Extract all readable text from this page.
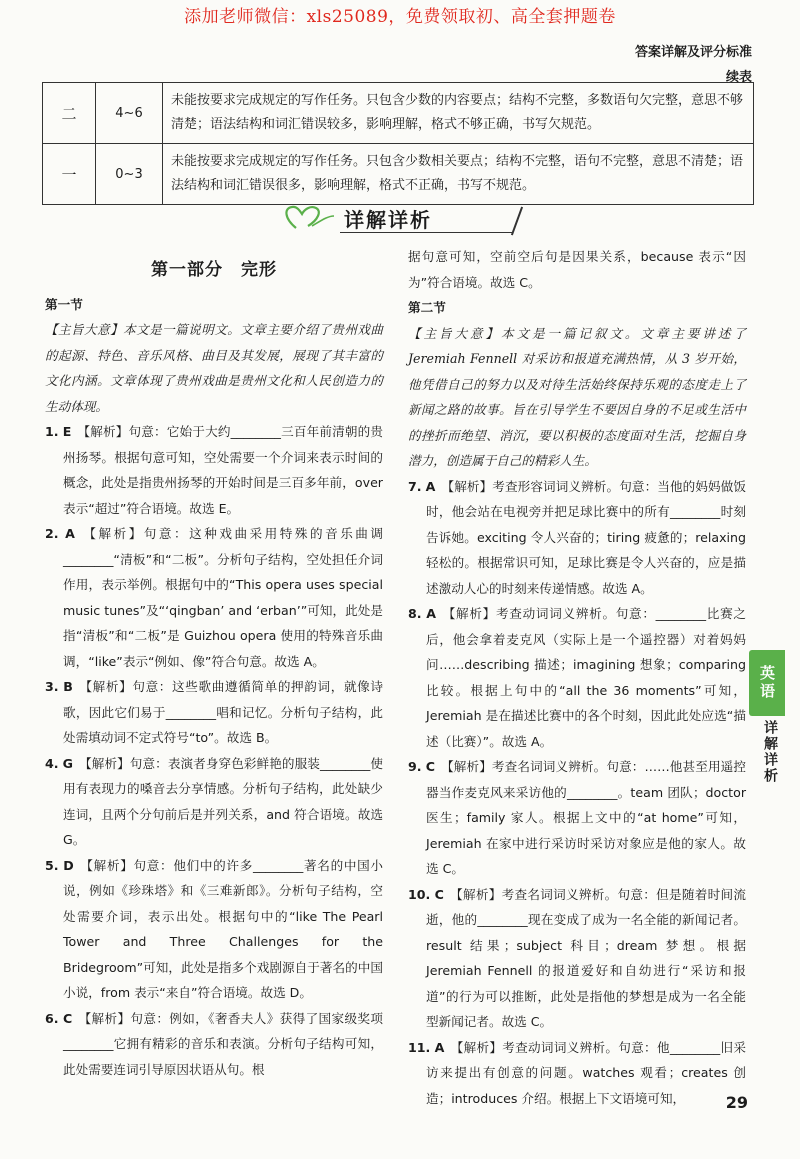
添加老师微信：xls25089，免费领取初、高全套押题卷
答案详解及评分标准
续表
二	4~6	未能按要求完成规定的写作任务。只包含少数的内容要点；结构不完整，多数语句欠完整，意思不够清楚；语法结构和词汇错误较多，影响理解，格式不够正确，书写欠规范。
一	0~3	未能按要求完成规定的写作任务。只包含少数相关要点；结构不完整，语句不完整，意思不清楚；语法结构和词汇错误很多，影响理解，格式不正确，书写不规范。
详解详析
第一部分　完形
第一节
【主旨大意】本文是一篇说明文。文章主要介绍了贵州戏曲的起源、特色、音乐风格、曲目及其发展，展现了其丰富的文化内涵。文章体现了贵州戏曲是贵州文化和人民创造力的生动体现。
1. E 【解析】句意：它始于大约________三百年前清朝的贵州扬琴。根据句意可知，空处需要一个介词来表示时间的概念，此处是指贵州扬琴的开始时间是三百多年前，over 表示“超过”符合语境。故选 E。
2. A 【解析】句意：这种戏曲采用特殊的音乐曲调________“清板”和“二板”。分析句子结构，空处担任介词作用，表示举例。根据句中的“This opera uses special music tunes”及“‘qingban’ and ‘erban’”可知，此处是指“清板”和“二板”是 Guizhou opera 使用的特殊音乐曲调，“like”表示“例如、像”符合句意。故选 A。
3. B 【解析】句意：这些歌曲遵循简单的押韵词，就像诗歌，因此它们易于________唱和记忆。分析句子结构，此处需填动词不定式符号“to”。故选 B。
4. G 【解析】句意：表演者身穿色彩鲜艳的服装________使用有表现力的嗓音去分享情感。分析句子结构，此处缺少连词，且两个分句前后是并列关系，and 符合语境。故选 G。
5. D 【解析】句意：他们中的许多________著名的中国小说，例如《珍珠塔》和《三难新郎》。分析句子结构，空处需要介词，表示出处。根据句中的“like The Pearl Tower and Three Challenges for the Bridegroom”可知，此处是指多个戏剧源自于著名的中国小说，from 表示“来自”符合语境。故选 D。
6. C 【解析】句意：例如，《奢香夫人》获得了国家级奖项________它拥有精彩的音乐和表演。分析句子结构可知，此处需要连词引导原因状语从句。根
据句意可知，空前空后句是因果关系，because 表示“因为”符合语境。故选 C。
第二节
【主旨大意】本文是一篇记叙文。文章主要讲述了 Jeremiah Fennell 对采访和报道充满热情，从 3 岁开始，他凭借自己的努力以及对待生活始终保持乐观的态度走上了新闻之路的故事。旨在引导学生不要因自身的不足或生活中的挫折而绝望、消沉，要以积极的态度面对生活，挖掘自身潜力，创造属于自己的精彩人生。
7. A 【解析】考查形容词词义辨析。句意：当他的妈妈做饭时，他会站在电视旁并把足球比赛中的所有________时刻告诉她。exciting 令人兴奋的；tiring 疲惫的；relaxing 轻松的。根据常识可知，足球比赛是令人兴奋的，应是描述激动人心的时刻来传递情感。故选 A。
8. A 【解析】考查动词词义辨析。句意：________比赛之后，他会拿着麦克风（实际上是一个遥控器）对着妈妈问……describing 描述；imagining 想象；comparing 比较。根据上句中的“all the 36 moments”可知，Jeremiah 是在描述比赛中的各个时刻，因此此处应选“描述（比赛）”。故选 A。
9. C 【解析】考查名词词义辨析。句意：……他甚至用遥控器当作麦克风来采访他的________。team 团队；doctor 医生；family 家人。根据上文中的“at home”可知，Jeremiah 在家中进行采访时采访对象应是他的家人。故选 C。
10. C 【解析】考查名词词义辨析。句意：但是随着时间流逝，他的________现在变成了成为一名全能的新闻记者。result 结果；subject 科目；dream 梦想。根据 Jeremiah Fennell 的报道爱好和自幼进行“采访和报道”的行为可以推断，此处是指他的梦想是成为一名全能型新闻记者。故选 C。
11. A 【解析】考查动词词义辨析。句意：他________旧采访来提出有创意的问题。watches 观看；creates 创造；introduces 介绍。根据上下文语境可知，
英语
详解详析
29
